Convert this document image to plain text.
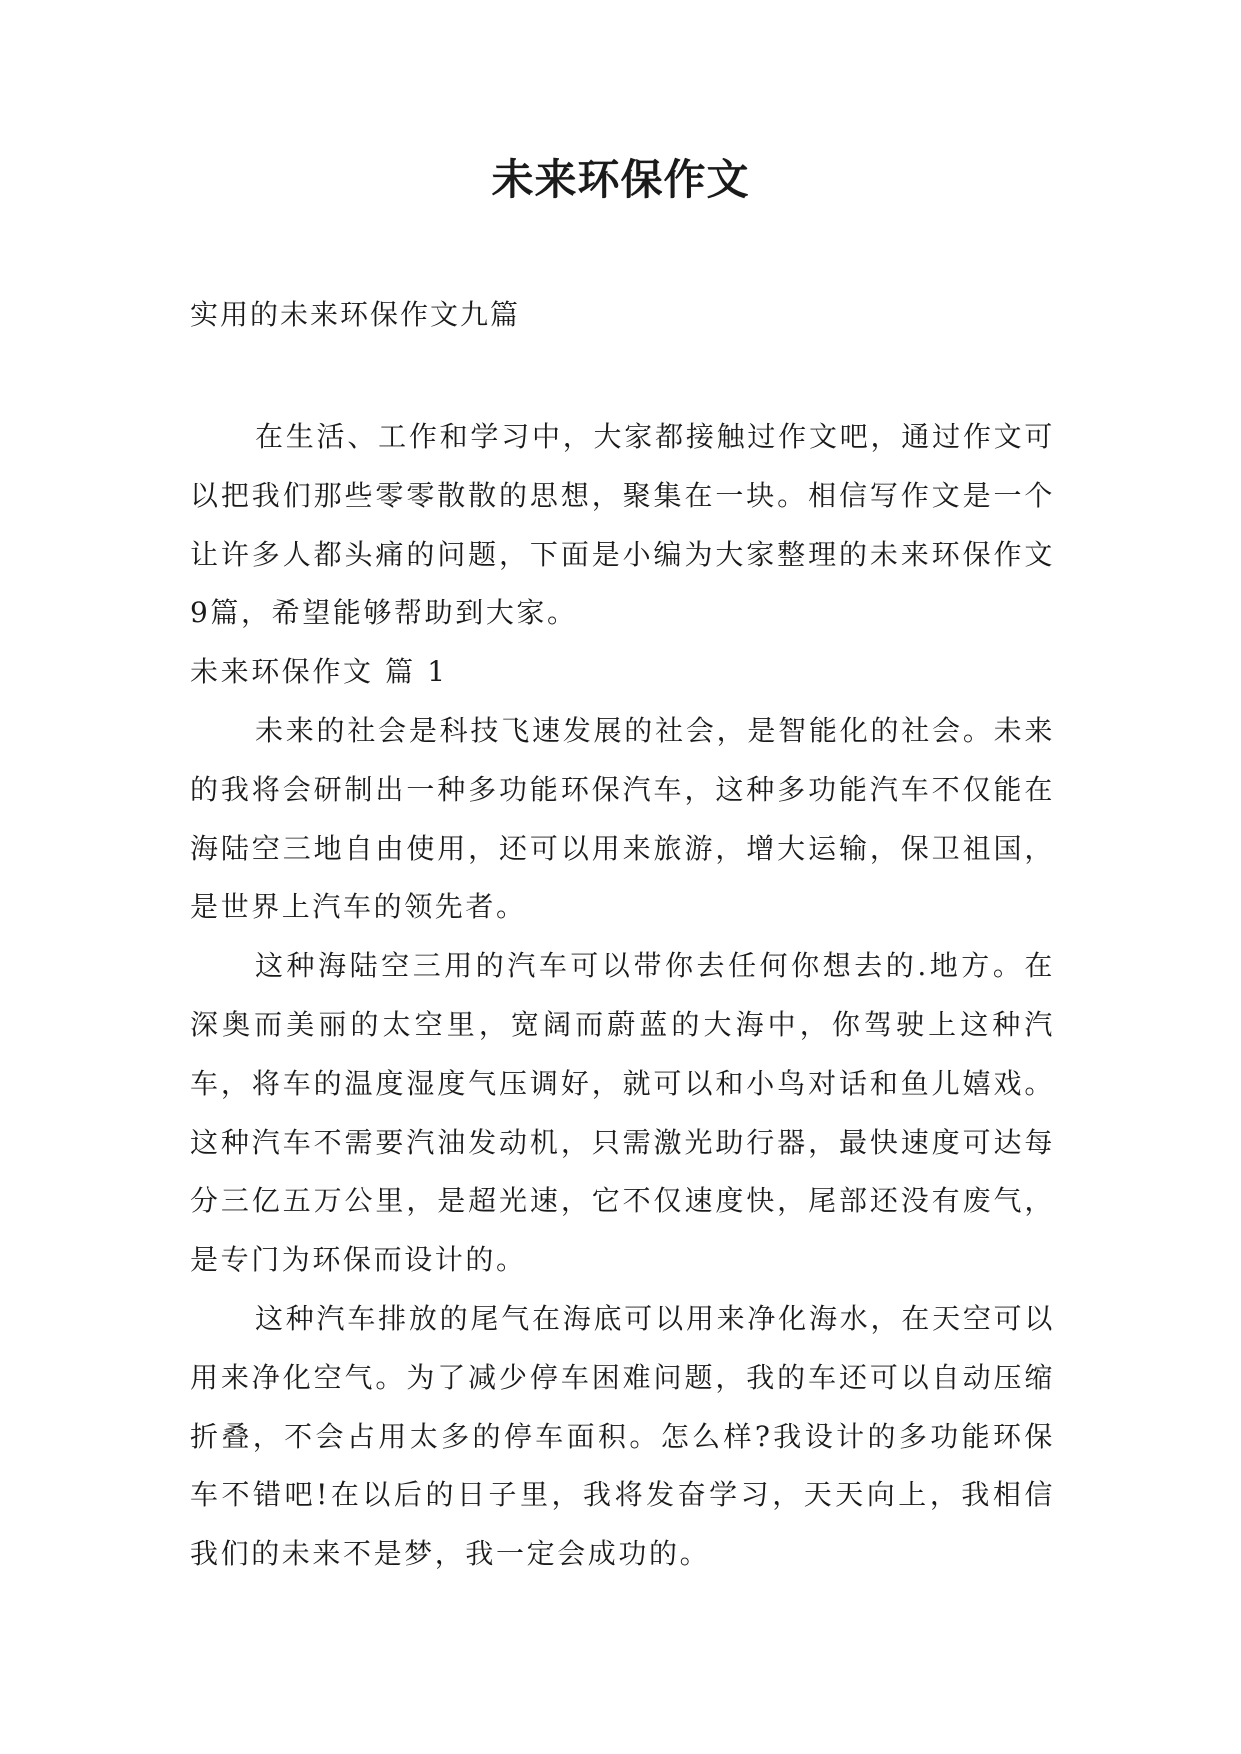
未来环保作文
实用的未来环保作文九篇

在生活、工作和学习中，大家都接触过作文吧，通过作文可以把我们那些零零散散的思想，聚集在一块。相信写作文是一个让许多人都头痛的问题，下面是小编为大家整理的未来环保作文9篇，希望能够帮助到大家。

未来环保作文 篇 1

未来的社会是科技飞速发展的社会，是智能化的社会。未来的我将会研制出一种多功能环保汽车，这种多功能汽车不仅能在海陆空三地自由使用，还可以用来旅游，增大运输，保卫祖国，是世界上汽车的领先者。

这种海陆空三用的汽车可以带你去任何你想去的.地方。在深奥而美丽的太空里，宽阔而蔚蓝的大海中，你驾驶上这种汽车，将车的温度湿度气压调好，就可以和小鸟对话和鱼儿嬉戏。这种汽车不需要汽油发动机，只需激光助行器，最快速度可达每分三亿五万公里，是超光速，它不仅速度快，尾部还没有废气，是专门为环保而设计的。

这种汽车排放的尾气在海底可以用来净化海水，在天空可以用来净化空气。为了减少停车困难问题，我的车还可以自动压缩折叠，不会占用太多的停车面积。怎么样?我设计的多功能环保车不错吧!在以后的日子里，我将发奋学习，天天向上，我相信我们的未来不是梦，我一定会成功的。
